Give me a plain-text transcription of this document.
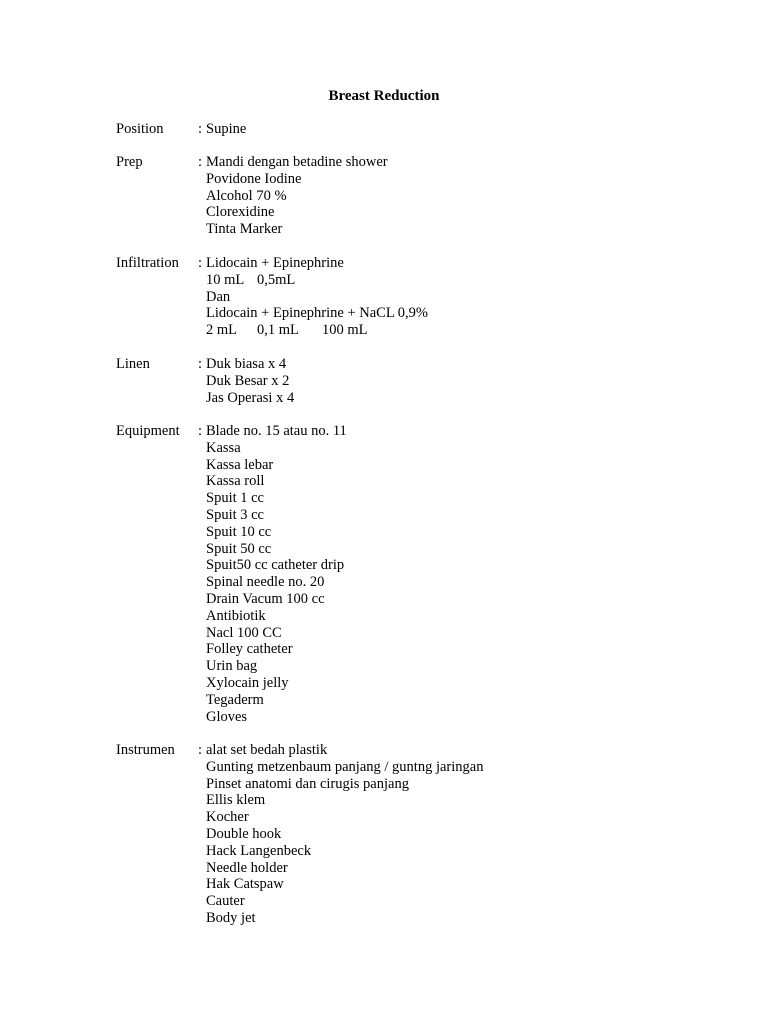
Breast Reduction
Position : Supine
Prep	: Mandi dengan betadine shower
Povidone Iodine
Alcohol 70 %
Clorexidine
Tinta Marker
Infiltration : Lidocain + Epinephrine
10 mL 0,5mL
Dan
Lidocain + Epinephrine + NaCL 0,9%
2 mL 0,1 mL 100 mL
Linen	: Duk biasa x 4
Duk Besar x 2
Jas Operasi x 4
Equipment : Blade no. 15 atau no. 11
Kassa
Kassa lebar
Kassa roll
Spuit 1 cc
Spuit 3 cc
Spuit 10 cc
Spuit 50 cc
Spuit50 cc catheter drip
Spinal needle no. 20
Drain Vacum 100 cc
Antibiotik
Nacl 100 CC
Folley catheter
Urin bag
Xylocain jelly
Tegaderm
Gloves
Instrumen : alat set bedah plastik
Gunting metzenbaum panjang / guntng jaringan
Pinset anatomi dan cirugis panjang
Ellis klem
Kocher
Double hook
Hack Langenbeck
Needle holder
Hak Catspaw
Cauter
Body jet
